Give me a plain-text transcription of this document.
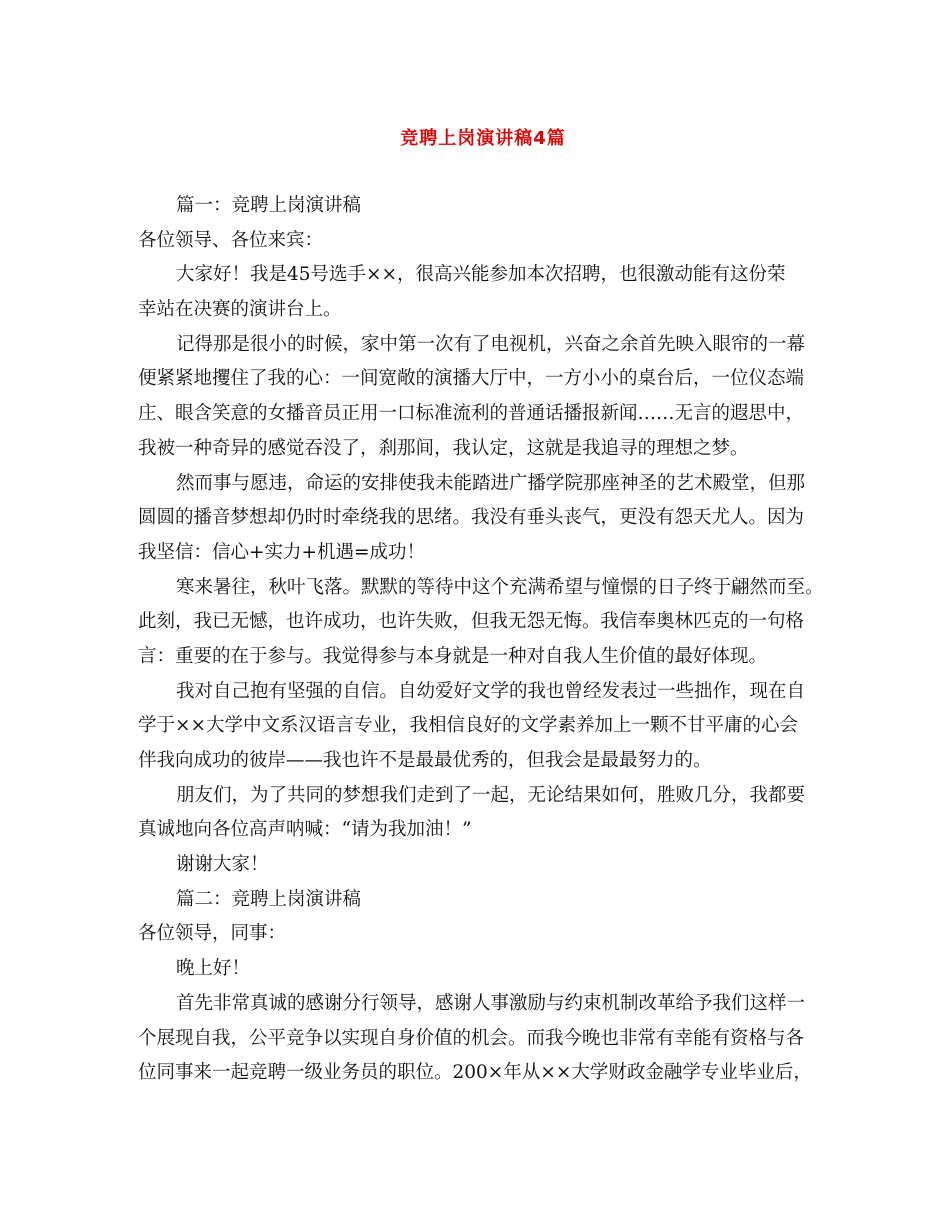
竞聘上岗演讲稿4篇
篇一：竞聘上岗演讲稿
各位领导、各位来宾：
大家好！我是45号选手××，很高兴能参加本次招聘，也很激动能有这份荣
幸站在决赛的演讲台上。
记得那是很小的时候，家中第一次有了电视机，兴奋之余首先映入眼帘的一幕
便紧紧地攫住了我的心：一间宽敞的演播大厅中，一方小小的桌台后，一位仪态端
庄、眼含笑意的女播音员正用一口标准流利的普通话播报新闻……无言的遐思中，
我被一种奇异的感觉吞没了，刹那间，我认定，这就是我追寻的理想之梦。
然而事与愿违，命运的安排使我未能踏进广播学院那座神圣的艺术殿堂，但那
圆圆的播音梦想却仍时时牵绕我的思绪。我没有垂头丧气，更没有怨天尤人。因为
我坚信：信心+实力+机遇=成功！
寒来暑往，秋叶飞落。默默的等待中这个充满希望与憧憬的日子终于翩然而至。
此刻，我已无憾，也许成功，也许失败，但我无怨无悔。我信奉奥林匹克的一句格
言：重要的在于参与。我觉得参与本身就是一种对自我人生价值的最好体现。
我对自己抱有坚强的自信。自幼爱好文学的我也曾经发表过一些拙作，现在自
学于××大学中文系汉语言专业，我相信良好的文学素养加上一颗不甘平庸的心会
伴我向成功的彼岸——我也许不是最最优秀的，但我会是最最努力的。
朋友们，为了共同的梦想我们走到了一起，无论结果如何，胜败几分，我都要
真诚地向各位高声呐喊：“请为我加油！”
谢谢大家！
篇二：竞聘上岗演讲稿
各位领导，同事：
晚上好！
首先非常真诚的感谢分行领导，感谢人事激励与约束机制改革给予我们这样一
个展现自我，公平竞争以实现自身价值的机会。而我今晚也非常有幸能有资格与各
位同事来一起竞聘一级业务员的职位。200×年从××大学财政金融学专业毕业后，
